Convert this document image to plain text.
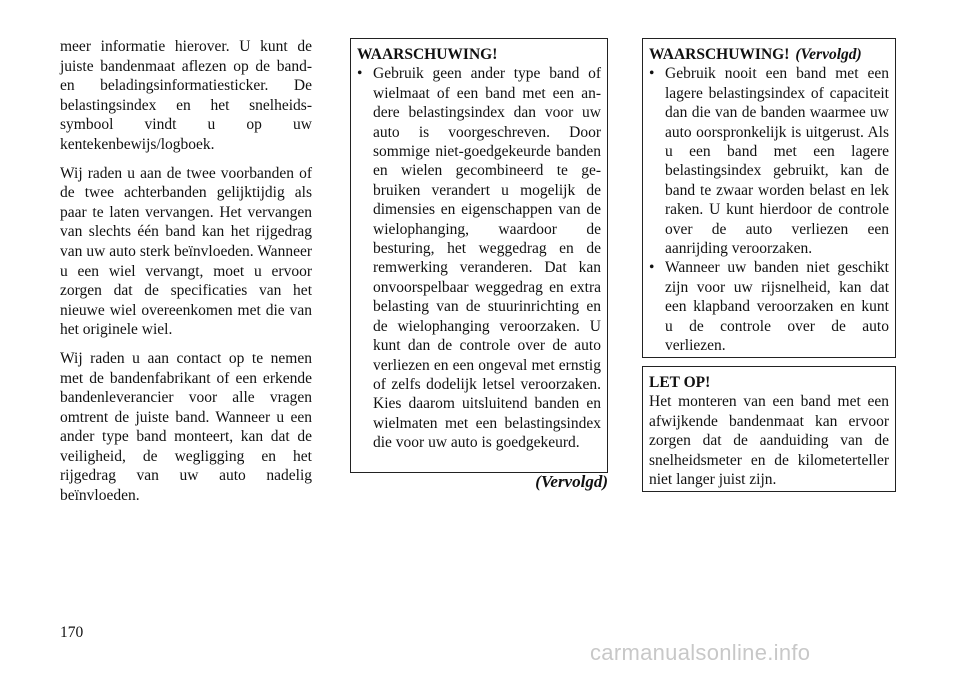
meer informatie hierover. U kunt de juiste bandenmaat aflezen op de band- en beladingsinformatiesticker. De belastingsindex en het snelheidssymbool vindt u op uw kentekenbewijs/logboek.

Wij raden u aan de twee voorbanden of de twee achterbanden gelijktijdig als paar te laten vervangen. Het vervangen van slechts één band kan het rijgedrag van uw auto sterk beïnvloeden. Wanneer u een wiel vervangt, moet u ervoor zorgen dat de specificaties van het nieuwe wiel overeenkomen met die van het originele wiel.

Wij raden u aan contact op te nemen met de bandenfabrikant of een erkende bandenleverancier voor alle vragen omtrent de juiste band. Wanneer u een ander type band monteert, kan dat de veiligheid, de wegligging en het rijgedrag van uw auto nadelig beïnvloeden.

WAARSCHUWING!
• Gebruik geen ander type band of wielmaat of een band met een andere belastingsindex dan voor uw auto is voorgeschreven. Door sommige niet-goedgekeurde banden en wielen gecombineerd te gebruiken verandert u mogelijk de dimensies en eigenschappen van de wielophanging, waardoor de besturing, het weggedrag en de remwerking veranderen. Dat kan onvoorspelbaar weggedrag en extra belasting van de stuurinrichting en de wielophanging veroorzaken. U kunt dan de controle over de auto verliezen en een ongeval met ernstig of zelfs dodelijk letsel veroorzaken. Kies daarom uitsluitend banden en wielmaten met een belastingsindex die voor uw auto is goedgekeurd.
(Vervolgd)
WAARSCHUWING! (Vervolgd)
• Gebruik nooit een band met een lagere belastingsindex of capaciteit dan die van de banden waarmee uw auto oorspronkelijk is uitgerust. Als u een band met een lagere belastingsindex gebruikt, kan de band te zwaar worden belast en lek raken. U kunt hierdoor de controle over de auto verliezen een aanrijding veroorzaken.
• Wanneer uw banden niet geschikt zijn voor uw rijsnelheid, kan dat een klapband veroorzaken en kunt u de controle over de auto verliezen.
LET OP!
Het monteren van een band met een afwijkende bandenmaat kan ervoor zorgen dat de aanduiding van de snelheidsmeter en de kilometerteller niet langer juist zijn.
170
carmanualsonline.info
